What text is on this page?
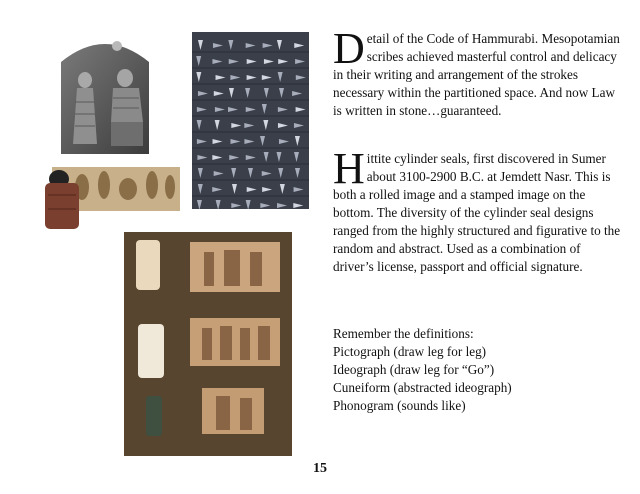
Detail of the Code of Hammurabi. Mesopotamian scribes achieved masterful control and delicacy in their writing and arrangement of the strokes necessary within the partitioned space. And now Law is written in stone…guaranteed.

Hittite cylinder seals, first discovered in Sumer about 3100-2900 B.C. at Jemdett Nasr. This is both a rolled image and a stamped image on the bottom. The diversity of the cylinder seal designs ranged from the highly structured and figurative to the random and abstract. Used as a combination of driver’s license, passport and official signature.

Remember the definitions:
Pictograph (draw leg for leg)
Ideograph (draw leg for “Go”)
Cuneiform (abstracted ideograph)
Phonogram (sounds like)
15
